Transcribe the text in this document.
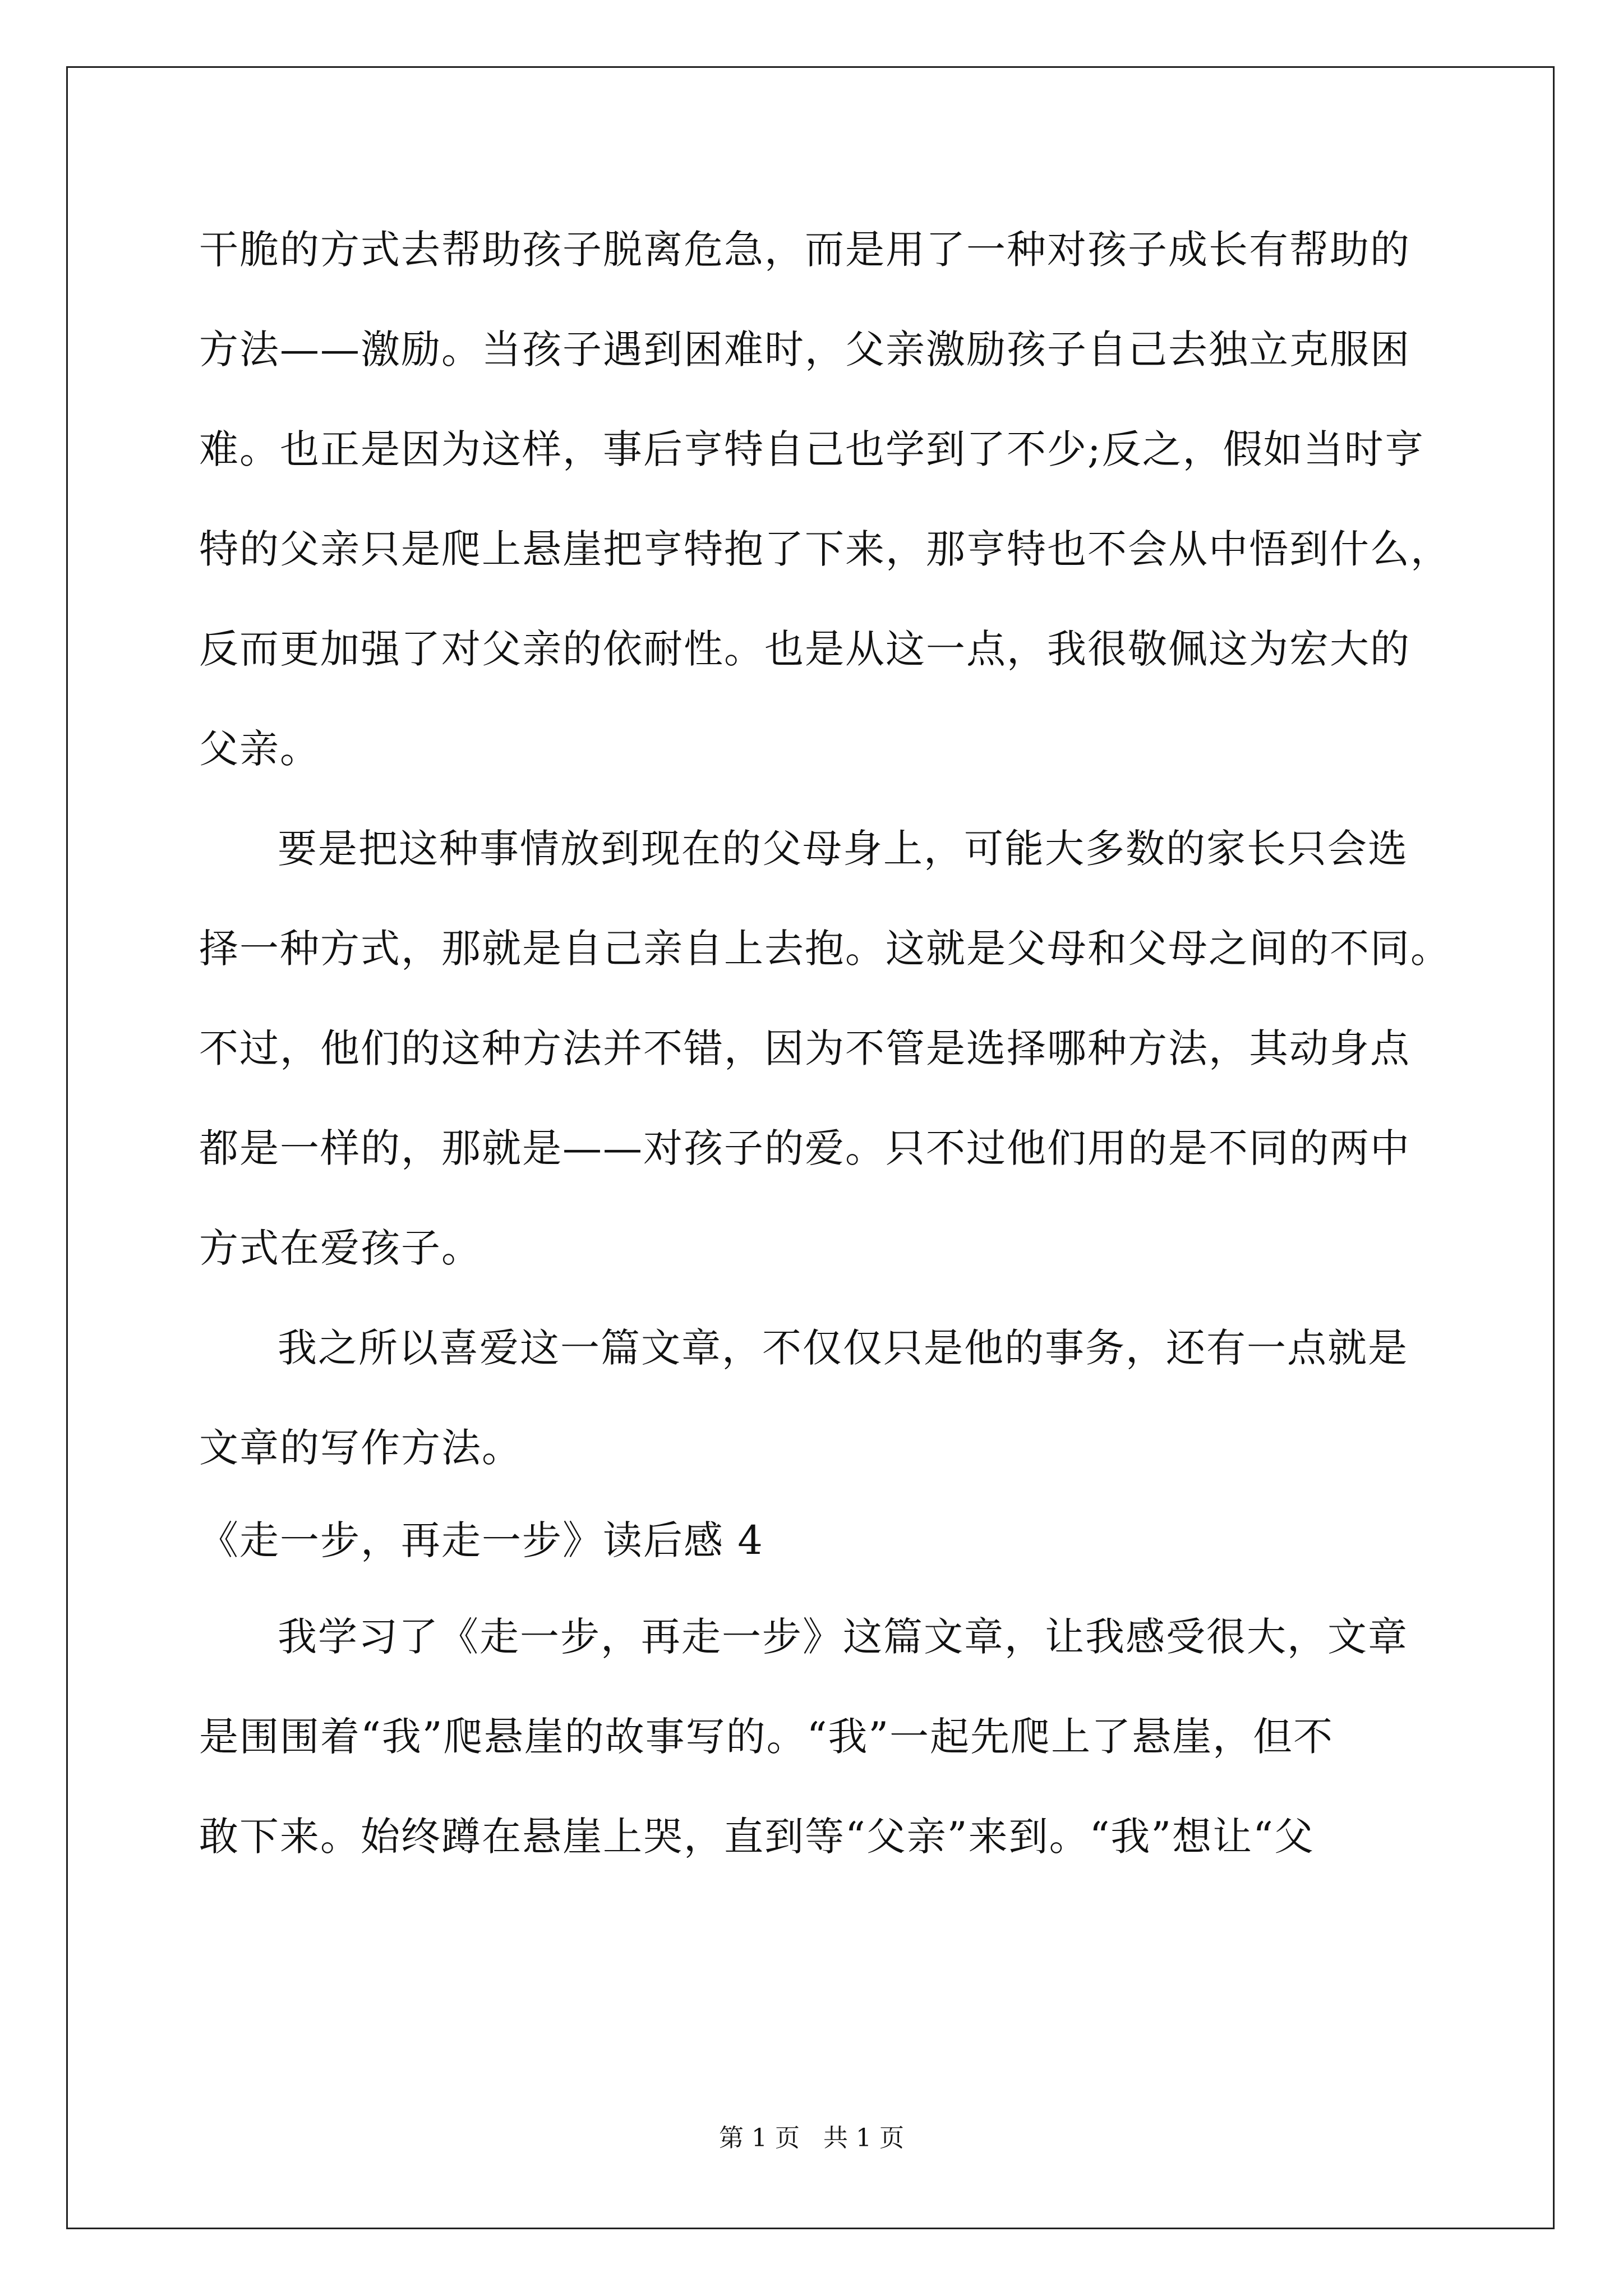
干脆的方式去帮助孩子脱离危急，而是用了一种对孩子成长有帮助的
方法——激励。当孩子遇到困难时，父亲激励孩子自己去独立克服困
难。也正是因为这样，事后亨特自己也学到了不少;反之，假如当时亨
特的父亲只是爬上悬崖把亨特抱了下来，那亨特也不会从中悟到什么，
反而更加强了对父亲的依耐性。也是从这一点，我很敬佩这为宏大的
父亲。
要是把这种事情放到现在的父母身上，可能大多数的家长只会选
择一种方式，那就是自己亲自上去抱。这就是父母和父母之间的不同。
不过，他们的这种方法并不错，因为不管是选择哪种方法，其动身点
都是一样的，那就是——对孩子的爱。只不过他们用的是不同的两中
方式在爱孩子。
我之所以喜爱这一篇文章，不仅仅只是他的事务，还有一点就是
文章的写作方法。
《走一步，再走一步》读后感 4
我学习了《走一步，再走一步》这篇文章，让我感受很大，文章
是围围着“我”爬悬崖的故事写的。“我”一起先爬上了悬崖，但不
敢下来。始终蹲在悬崖上哭，直到等“父亲”来到。“我”想让“父
第 1 页   共 1 页
